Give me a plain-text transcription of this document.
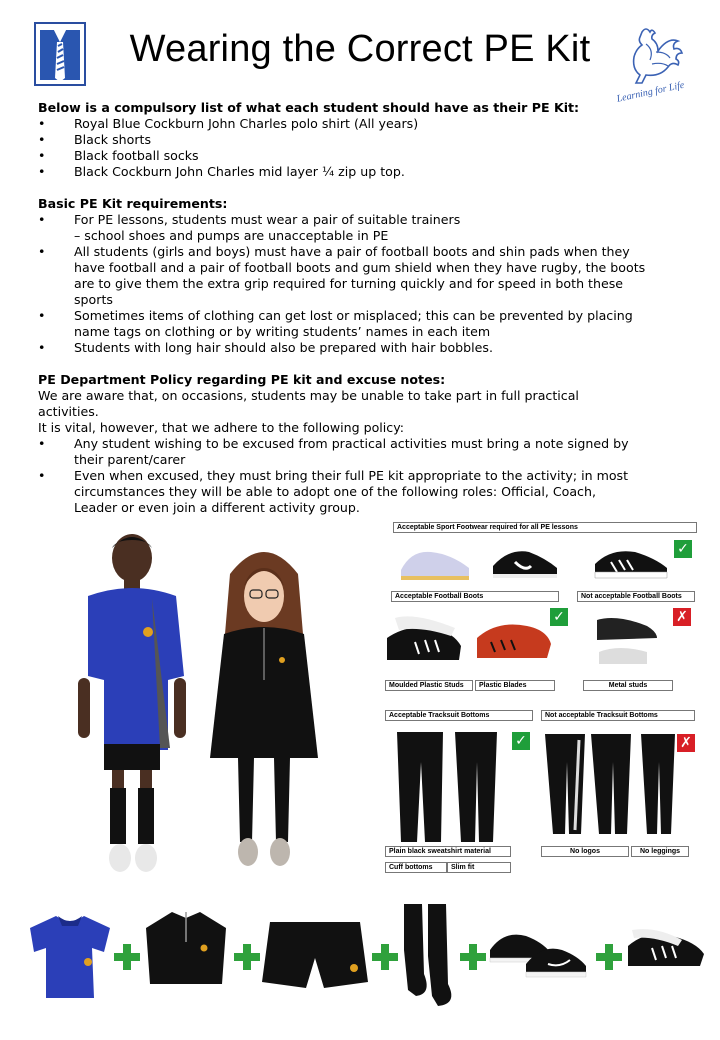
Wearing the Correct PE Kit
Learning for Life
Below is a compulsory list of what each student should have as their PE Kit:
• Royal Blue Cockburn John Charles polo shirt (All years)
• Black shorts
• Black football socks
• Black Cockburn John Charles mid layer ¼ zip up top.
Basic PE Kit requirements:
• For PE lessons, students must wear a pair of suitable trainers
– school shoes and pumps are unacceptable in PE
• All students (girls and boys) must have a pair of football boots and shin pads when they have football and a pair of football boots and gum shield when they have rugby, the boots are to give them the extra grip required for turning quickly and for speed in both these sports
• Sometimes items of clothing can get lost or misplaced; this can be prevented by placing name tags on clothing or by writing students’ names in each item
• Students with long hair should also be prepared with hair bobbles.
PE Department Policy regarding PE kit and excuse notes:
We are aware that, on occasions, students may be unable to take part in full practical activities.
It is vital, however, that we adhere to the following policy:
• Any student wishing to be excused from practical activities must bring a note signed by their parent/carer
• Even when excused, they must bring their full PE kit appropriate to the activity; in most circumstances they will be able to adopt one of the following roles: Official, Coach, Leader or even join a different activity group.
Acceptable Sport Footwear required for all PE lessons
✓
Acceptable Football Boots	Not acceptable Football Boots
✓	✗
Moulded Plastic Studs	Plastic Blades	Metal studs
Acceptable Tracksuit Bottoms	Not acceptable Tracksuit Bottoms
✓	✗
Plain black sweatshirt material
Cuff bottoms	Slim fit
No logos	No leggings
